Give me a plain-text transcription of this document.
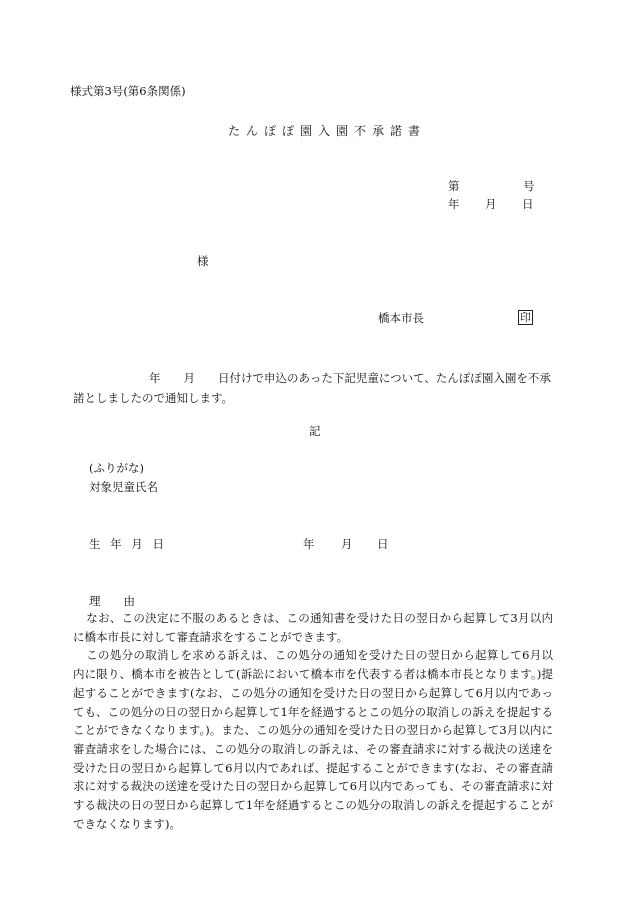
様式第3号(第6条関係)
たんぽぽ園入園不承諾書
第	号
年 月 日
様
橋本市長	印
年　　月　　日付けで申込のあった下記児童について、たんぽぽ園入園を不承諾としましたので通知します。
記
(ふりがな)
対象児童氏名
生 年 月 日	年 月 日
理　　由

なお、この決定に不服のあるときは、この通知書を受けた日の翌日から起算して3月以内に橋本市長に対して審査請求をすることができます。

この処分の取消しを求める訴えは、この処分の通知を受けた日の翌日から起算して6月以内に限り、橋本市を被告として(訴訟において橋本市を代表する者は橋本市長となります。)提起することができます(なお、この処分の通知を受けた日の翌日から起算して6月以内であっても、この処分の日の翌日から起算して1年を経過するとこの処分の取消しの訴えを提起することができなくなります。)。また、この処分の通知を受けた日の翌日から起算して3月以内に審査請求をした場合には、この処分の取消しの訴えは、その審査請求に対する裁決の送達を受けた日の翌日から起算して6月以内であれば、提起することができます(なお、その審査請求に対する裁決の送達を受けた日の翌日から起算して6月以内であっても、その審査請求に対する裁決の日の翌日から起算して1年を経過するとこの処分の取消しの訴えを提起することができなくなります)。
